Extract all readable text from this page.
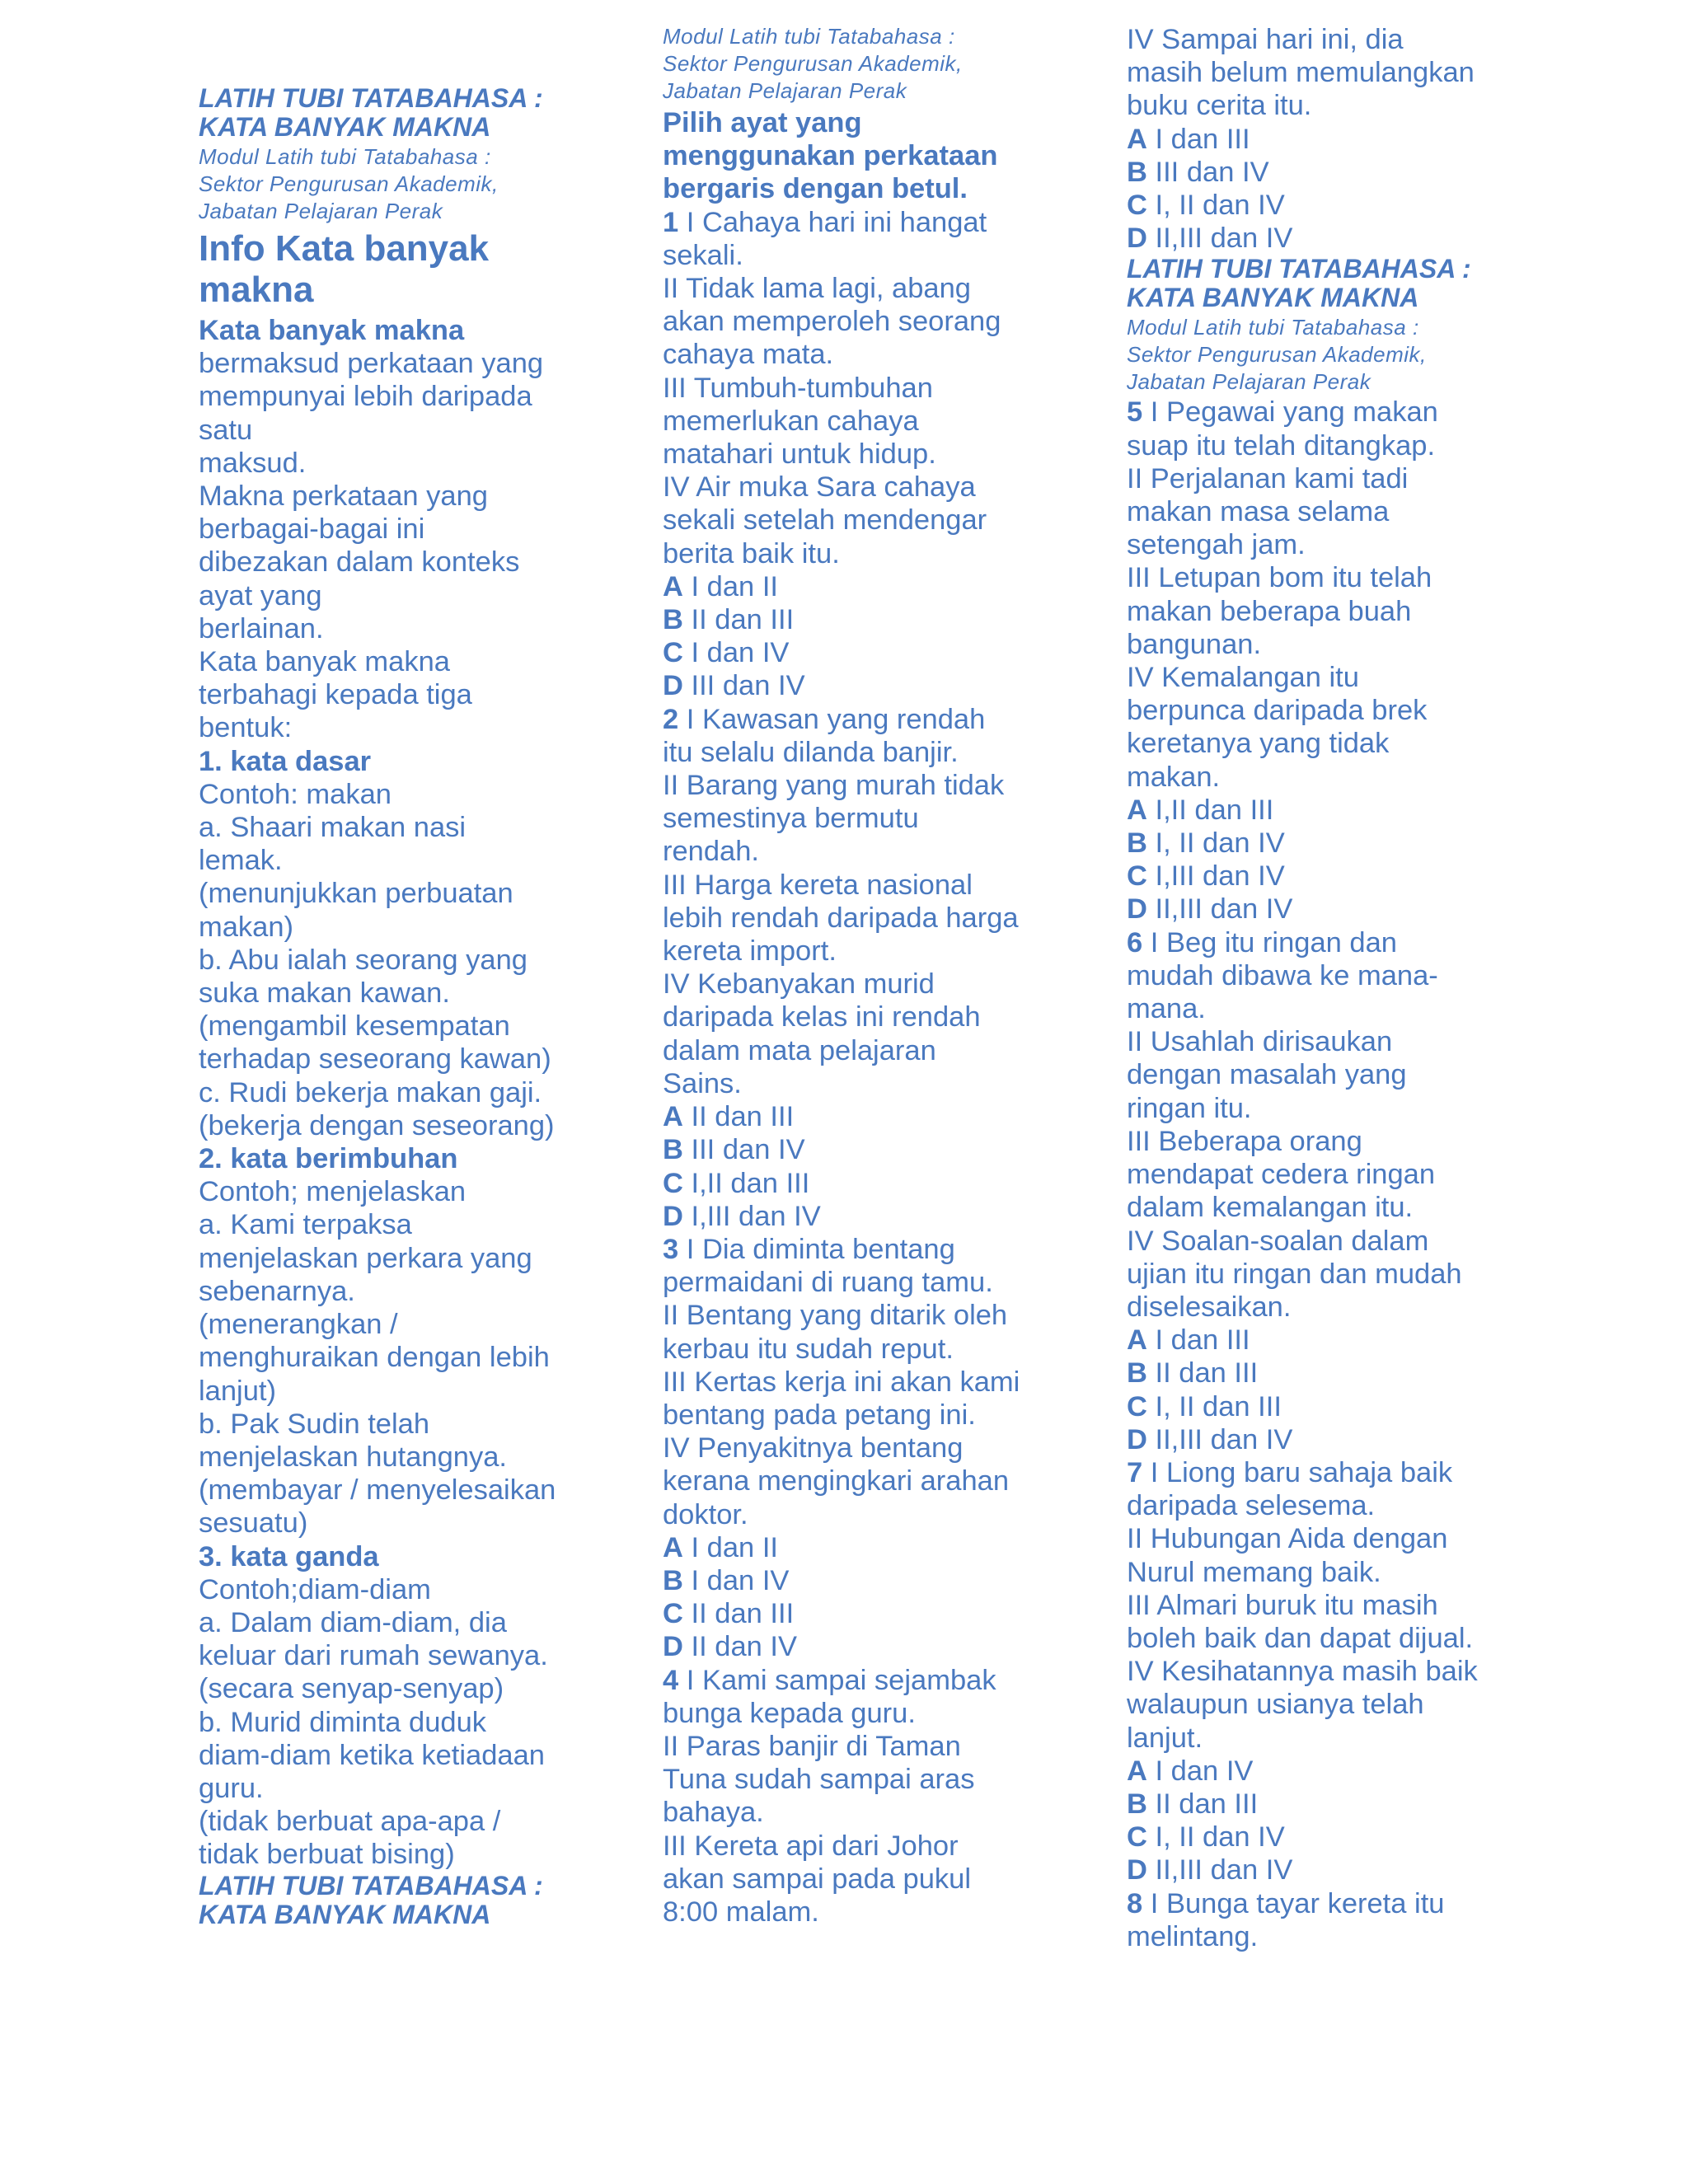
LATIH TUBI TATABAHASA :

KATA BANYAK MAKNA

Modul Latih tubi Tatabahasa :

Sektor Pengurusan Akademik,

Jabatan Pelajaran Perak

Info Kata banyak

makna

Kata banyak makna

bermaksud perkataan yang

mempunyai lebih daripada

satu

maksud.

Makna perkataan yang

berbagai-bagai ini

dibezakan dalam konteks

ayat yang

berlainan.

Kata banyak makna

terbahagi kepada tiga

bentuk:

1. kata dasar

Contoh: makan

a. Shaari makan nasi

lemak.

(menunjukkan perbuatan

makan)

b. Abu ialah seorang yang

suka makan kawan.

(mengambil kesempatan

terhadap seseorang kawan)

c. Rudi bekerja makan gaji.

(bekerja dengan seseorang)

2. kata berimbuhan

Contoh; menjelaskan

a. Kami terpaksa

menjelaskan perkara yang

sebenarnya.

(menerangkan /

menghuraikan dengan lebih

lanjut)

b. Pak Sudin telah

menjelaskan hutangnya.

(membayar / menyelesaikan

sesuatu)

3. kata ganda

Contoh;diam-diam

a. Dalam diam-diam, dia

keluar dari rumah sewanya.

(secara senyap-senyap)

b. Murid diminta duduk

diam-diam ketika ketiadaan

guru.

(tidak berbuat apa-apa /

tidak berbuat bising)

LATIH TUBI TATABAHASA :

KATA BANYAK MAKNA

Modul Latih tubi Tatabahasa :

Sektor Pengurusan Akademik,

Jabatan Pelajaran Perak

Pilih ayat yang

menggunakan perkataan

bergaris dengan betul.

1 I Cahaya hari ini hangat

sekali.

II Tidak lama lagi, abang

akan memperoleh seorang

cahaya mata.

III Tumbuh-tumbuhan

memerlukan cahaya

matahari untuk hidup.

IV Air muka Sara cahaya

sekali setelah mendengar

berita baik itu.

A I dan II

B II dan III

C I dan IV

D III dan IV

2 I Kawasan yang rendah

itu selalu dilanda banjir.

II Barang yang murah tidak

semestinya bermutu

rendah.

III Harga kereta nasional

lebih rendah daripada harga

kereta import.

IV Kebanyakan murid

daripada kelas ini rendah

dalam mata pelajaran

Sains.

A II dan III

B III dan IV

C I,II dan III

D I,III dan IV

3 I Dia diminta bentang

permaidani di ruang tamu.

II Bentang yang ditarik oleh

kerbau itu sudah reput.

III Kertas kerja ini akan kami

bentang pada petang ini.

IV Penyakitnya bentang

kerana mengingkari arahan

doktor.

A I dan II

B I dan IV

C II dan III

D II dan IV

4 I Kami sampai sejambak

bunga kepada guru.

II Paras banjir di Taman

Tuna sudah sampai aras

bahaya.

III Kereta api dari Johor

akan sampai pada pukul

8:00 malam.

IV Sampai hari ini, dia

masih belum memulangkan

buku cerita itu.

A I dan III

B III dan IV

C I, II dan IV

D II,III dan IV

LATIH TUBI TATABAHASA :

KATA BANYAK MAKNA

Modul Latih tubi Tatabahasa :

Sektor Pengurusan Akademik,

Jabatan Pelajaran Perak

5 I Pegawai yang makan

suap itu telah ditangkap.

II Perjalanan kami tadi

makan masa selama

setengah jam.

III Letupan bom itu telah

makan beberapa buah

bangunan.

IV Kemalangan itu

berpunca daripada brek

keretanya yang tidak

makan.

A I,II dan III

B I, II dan IV

C I,III dan IV

D II,III dan IV

6 I Beg itu ringan dan

mudah dibawa ke mana-

mana.

II Usahlah dirisaukan

dengan masalah yang

ringan itu.

III Beberapa orang

mendapat cedera ringan

dalam kemalangan itu.

IV Soalan-soalan dalam

ujian itu ringan dan mudah

diselesaikan.

A I dan III

B II dan III

C I, II dan III

D II,III dan IV

7 I Liong baru sahaja baik

daripada selesema.

II Hubungan Aida dengan

Nurul memang baik.

III Almari buruk itu masih

boleh baik dan dapat dijual.

IV Kesihatannya masih baik

walaupun usianya telah

lanjut.

A I dan IV

B II dan III

C I, II dan IV

D II,III dan IV

8 I Bunga tayar kereta itu

melintang.
